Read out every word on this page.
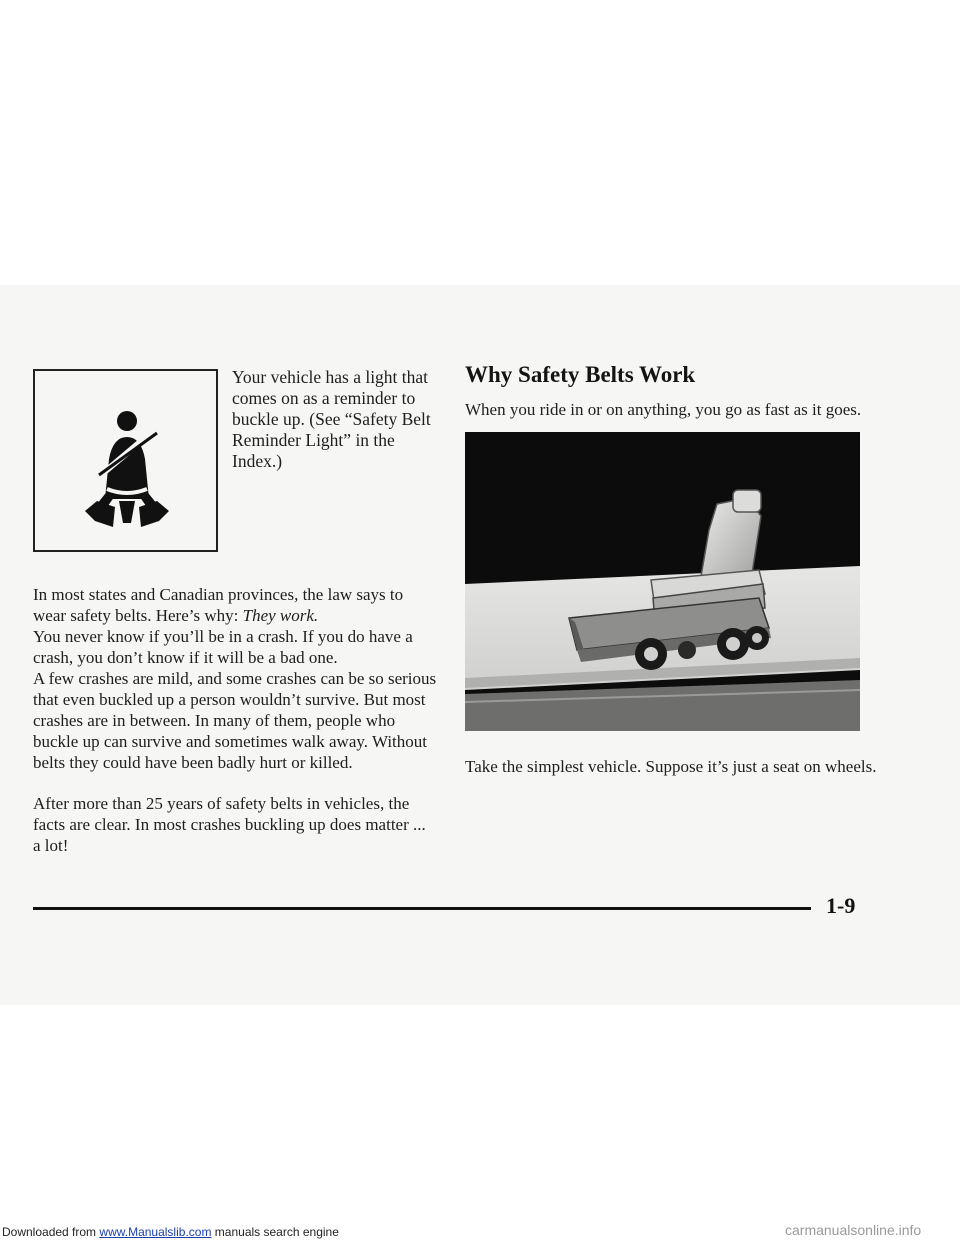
Your vehicle has a light that comes on as a reminder to buckle up. (See “Safety Belt Reminder Light” in the Index.)

In most states and Canadian provinces, the law says to wear safety belts. Here’s why: They work.

You never know if you’ll be in a crash. If you do have a crash, you don’t know if it will be a bad one.

A few crashes are mild, and some crashes can be so serious that even buckled up a person wouldn’t survive. But most crashes are in between. In many of them, people who buckle up can survive and sometimes walk away. Without belts they could have been badly hurt or killed.

After more than 25 years of safety belts in vehicles, the facts are clear. In most crashes buckling up does matter ... a lot!

Why Safety Belts Work

When you ride in or on anything, you go as fast as it goes.

Take the simplest vehicle. Suppose it’s just a seat on wheels.

1-9
Downloaded from www.Manualslib.com manuals search engine	carmanualsonline.info
